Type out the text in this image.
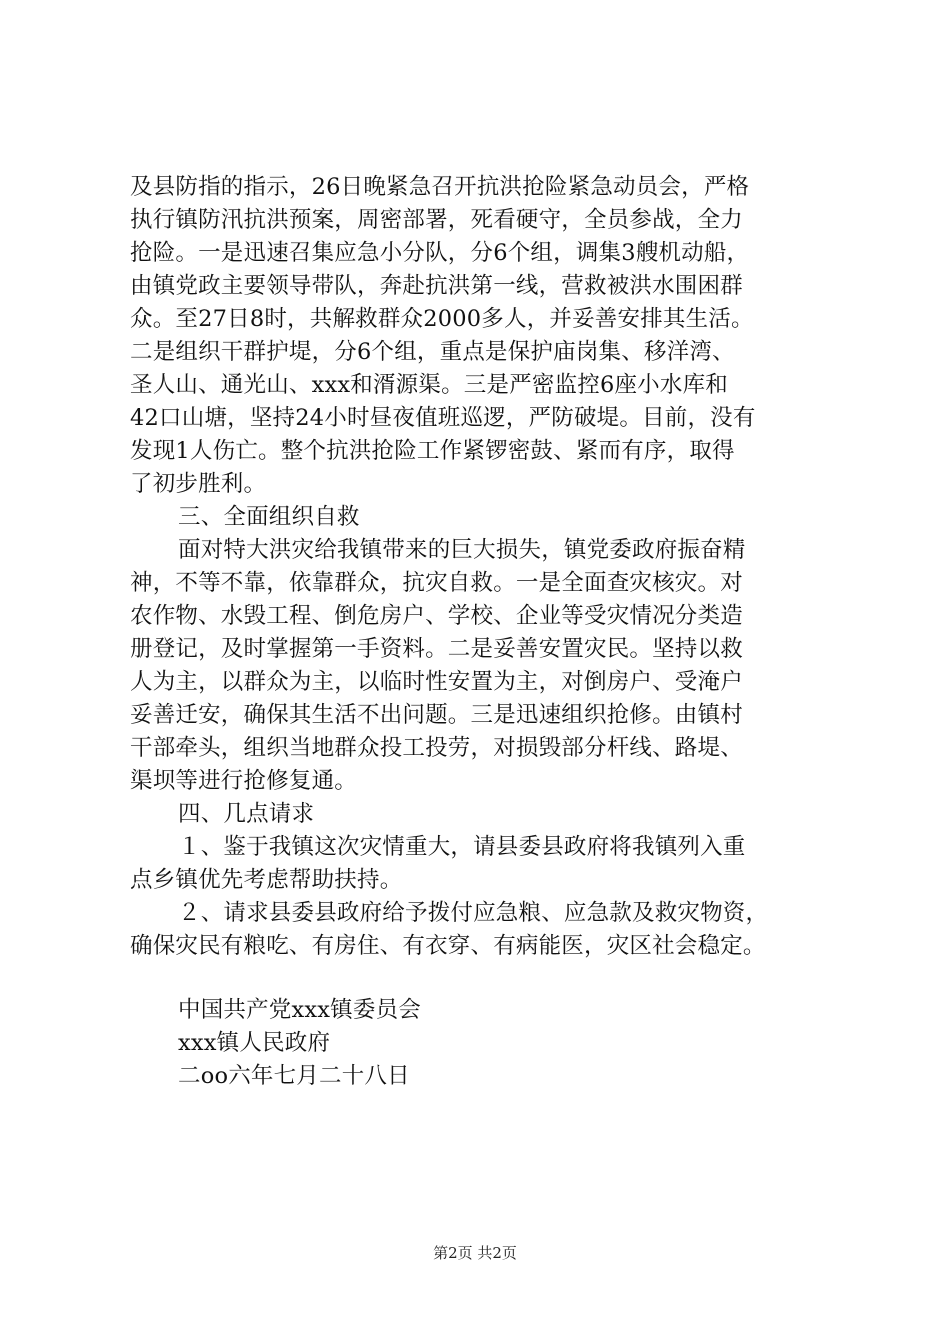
及县防指的指示，26日晚紧急召开抗洪抢险紧急动员会，严格
执行镇防汛抗洪预案，周密部署，死看硬守，全员参战，全力
抢险。一是迅速召集应急小分队，分6个组，调集3艘机动船，
由镇党政主要领导带队，奔赴抗洪第一线，营救被洪水围困群
众。至27日8时，共解救群众2000多人，并妥善安排其生活。
二是组织干群护堤，分6个组，重点是保护庙岗集、移洋湾、
圣人山、通光山、xxx和湑源渠。三是严密监控6座小水库和
42口山塘，坚持24小时昼夜值班巡逻，严防破堤。目前，没有
发现1人伤亡。整个抗洪抢险工作紧锣密鼓、紧而有序，取得
了初步胜利。
三、全面组织自救
面对特大洪灾给我镇带来的巨大损失，镇党委政府振奋精
神，不等不靠，依靠群众，抗灾自救。一是全面查灾核灾。对
农作物、水毁工程、倒危房户、学校、企业等受灾情况分类造
册登记，及时掌握第一手资料。二是妥善安置灾民。坚持以救
人为主，以群众为主，以临时性安置为主，对倒房户、受淹户
妥善迁安，确保其生活不出问题。三是迅速组织抢修。由镇村
干部牵头，组织当地群众投工投劳，对损毁部分杆线、路堤、
渠坝等进行抢修复通。
四、几点请求
１、鉴于我镇这次灾情重大，请县委县政府将我镇列入重
点乡镇优先考虑帮助扶持。
２、请求县委县政府给予拨付应急粮、应急款及救灾物资，
确保灾民有粮吃、有房住、有衣穿、有病能医，灾区社会稳定。
中国共产党xxx镇委员会
xxx镇人民政府
二oo六年七月二十八日
第2页 共2页
